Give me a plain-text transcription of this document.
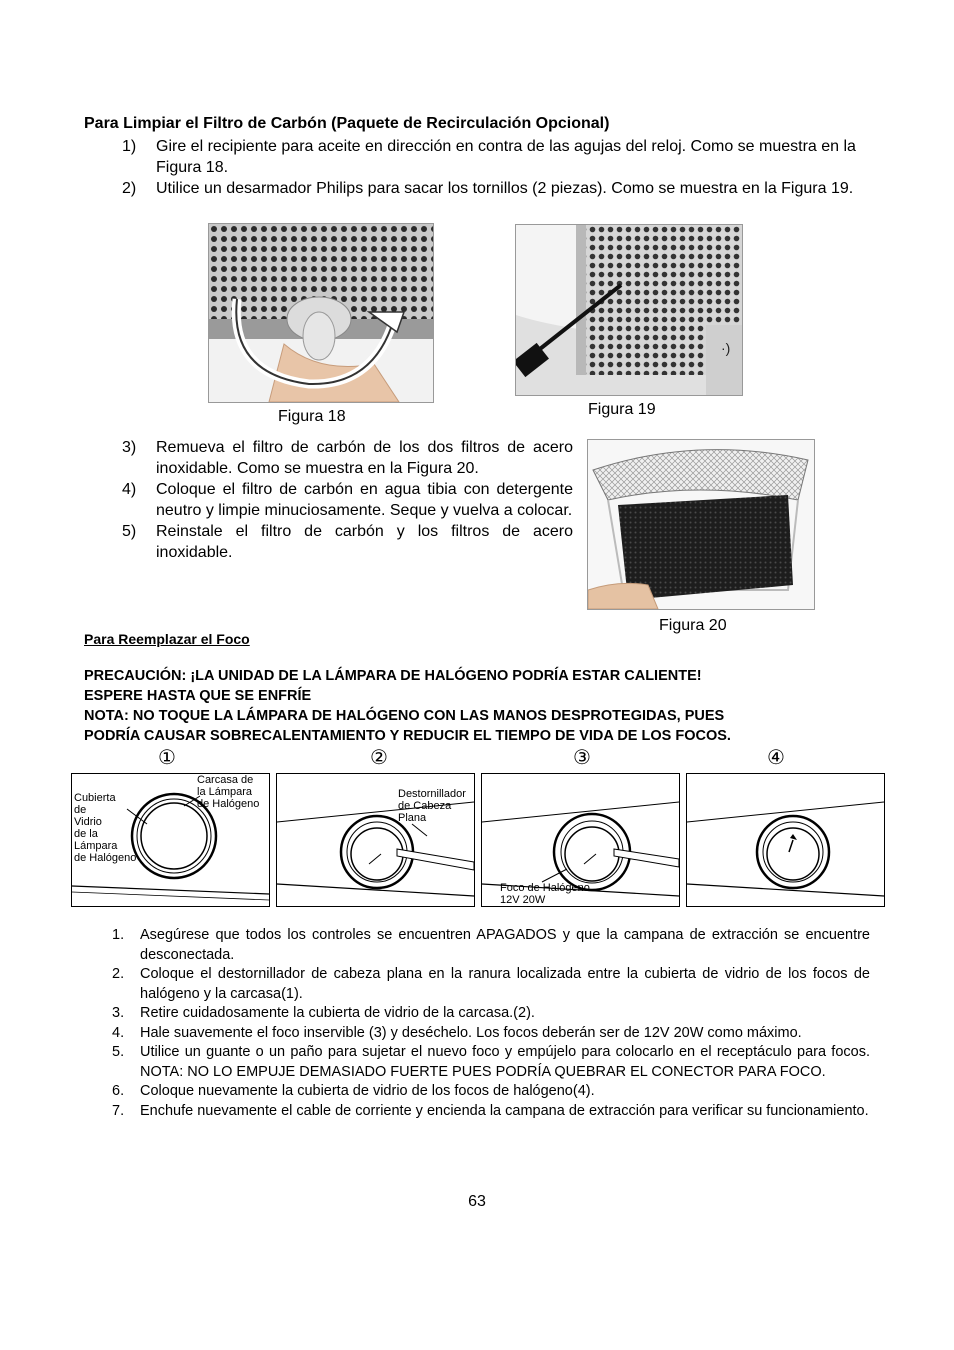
Para Limpiar el Filtro de Carbón (Paquete de Recirculación Opcional)
1) Gire el recipiente para aceite en dirección en contra de las agujas del reloj. Como se muestra en la Figura 18.
2) Utilice un desarmador Philips para sacar los tornillos (2 piezas). Como se muestra en la Figura 19.
Figura 18
·)
Figura 19
3) Remueva el filtro de carbón de los dos filtros de acero inoxidable. Como se muestra en la Figura 20.
4) Coloque el filtro de carbón en agua tibia con detergente neutro y limpie minuciosamente. Seque y vuelva a colocar.
5) Reinstale el filtro de carbón y los filtros de acero inoxidable.
Figura 20
Para Reemplazar el Foco
PRECAUCIÓN: ¡LA UNIDAD DE LA LÁMPARA DE HALÓGENO PODRÍA ESTAR CALIENTE!
ESPERE HASTA QUE SE ENFRÍE
NOTA: NO TOQUE LA LÁMPARA DE HALÓGENO CON LAS MANOS DESPROTEGIDAS, PUES
PODRÍA CAUSAR SOBRECALENTAMIENTO Y REDUCIR EL TIEMPO DE VIDA DE LOS FOCOS.
①	②	③	④
Carcasa de
la Lámpara
de Halógeno
Cubierta
de
Vidrio
de la
Lámpara
de Halógeno
Destornillador
de Cabeza
Plana
Foco de Halógeno
12V 20W
1. Asegúrese que todos los controles se encuentren APAGADOS y que la campana de extracción se encuentre desconectada.
2. Coloque el destornillador de cabeza plana en la ranura localizada entre la cubierta de vidrio de los focos de halógeno y la carcasa(1).
3. Retire cuidadosamente la cubierta de vidrio de la carcasa.(2).
4. Hale suavemente el foco inservible (3) y deséchelo. Los focos deberán ser de 12V 20W como máximo.
5. Utilice un guante o un paño para sujetar el nuevo foco y empújelo para colocarlo en el receptáculo para focos. NOTA: NO LO EMPUJE DEMASIADO FUERTE PUES PODRÍA QUEBRAR EL CONECTOR PARA FOCO.
6. Coloque nuevamente la cubierta de vidrio de los focos de halógeno(4).
7. Enchufe nuevamente el cable de corriente y encienda la campana de extracción para verificar su funcionamiento.
63
